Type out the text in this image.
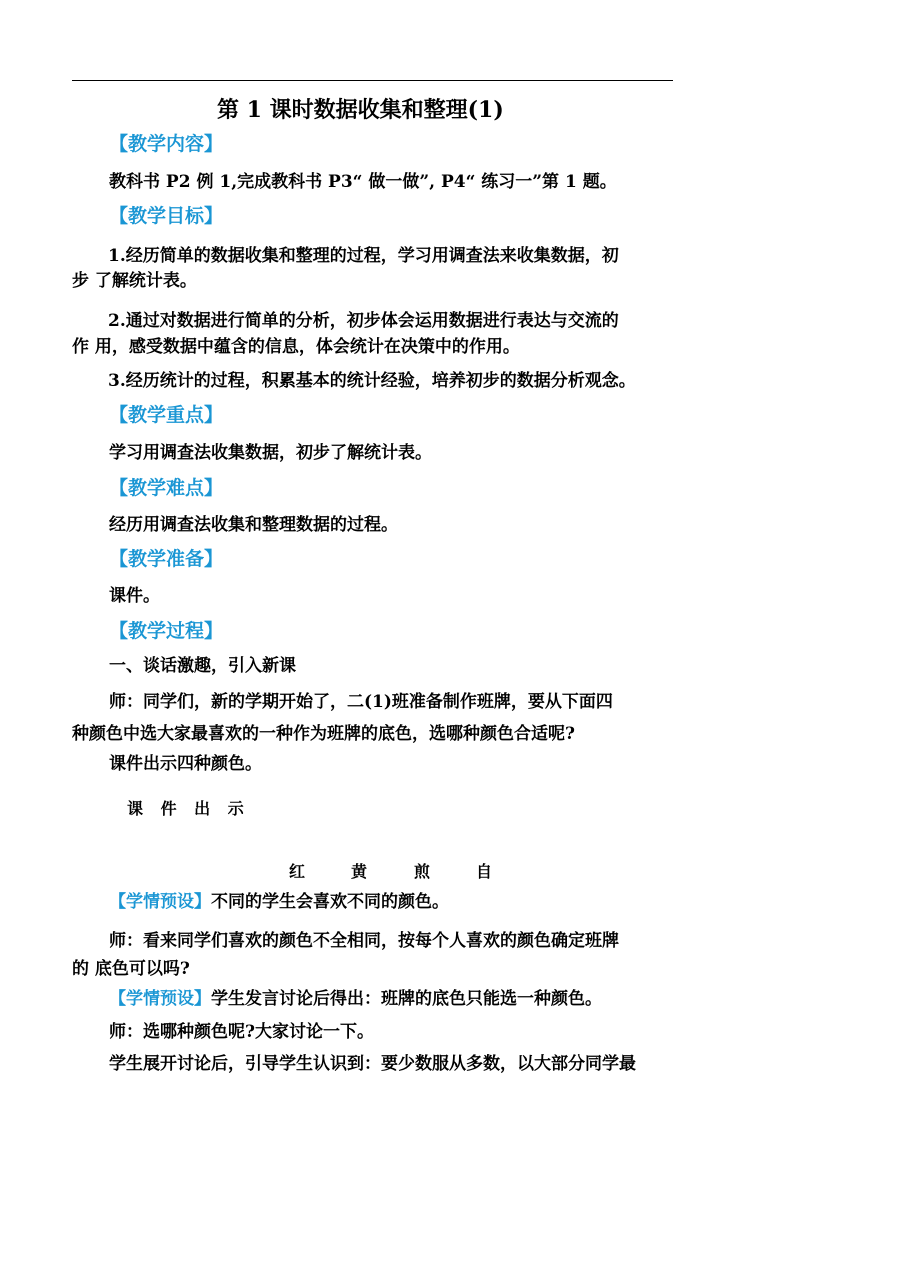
第 1 课时数据收集和整理(1)
【教学内容】
教科书 P2 例 1,完成教科书 P3“ 做一做”, P4“ 练习一”第 1 题。
【教学目标】
1.经历简单的数据收集和整理的过程，学习用调查法来收集数据，初
步 了解统计表。
2.通过对数据进行简单的分析，初步体会运用数据进行表达与交流的
作 用，感受数据中蕴含的信息，体会统计在决策中的作用。
3.经历统计的过程，积累基本的统计经验，培养初步的数据分析观念。
【教学重点】
学习用调查法收集数据，初步了解统计表。
【教学难点】
经历用调查法收集和整理数据的过程。
【教学准备】
课件。
【教学过程】
一、谈话激趣，引入新课
师：同学们，新的学期开始了，二(1)班准备制作班牌，要从下面四
种颜色中选大家最喜欢的一种作为班牌的底色，选哪种颜色合适呢?
课件出示四种颜色。
课 件 出 示
红	黄	煎	自
【学情预设】不同的学生会喜欢不同的颜色。
师：看来同学们喜欢的颜色不全相同，按每个人喜欢的颜色确定班牌
的 底色可以吗?
【学情预设】学生发言讨论后得出：班牌的底色只能选一种颜色。
师：选哪种颜色呢?大家讨论一下。
学生展开讨论后，引导学生认识到：要少数服从多数，以大部分同学最
